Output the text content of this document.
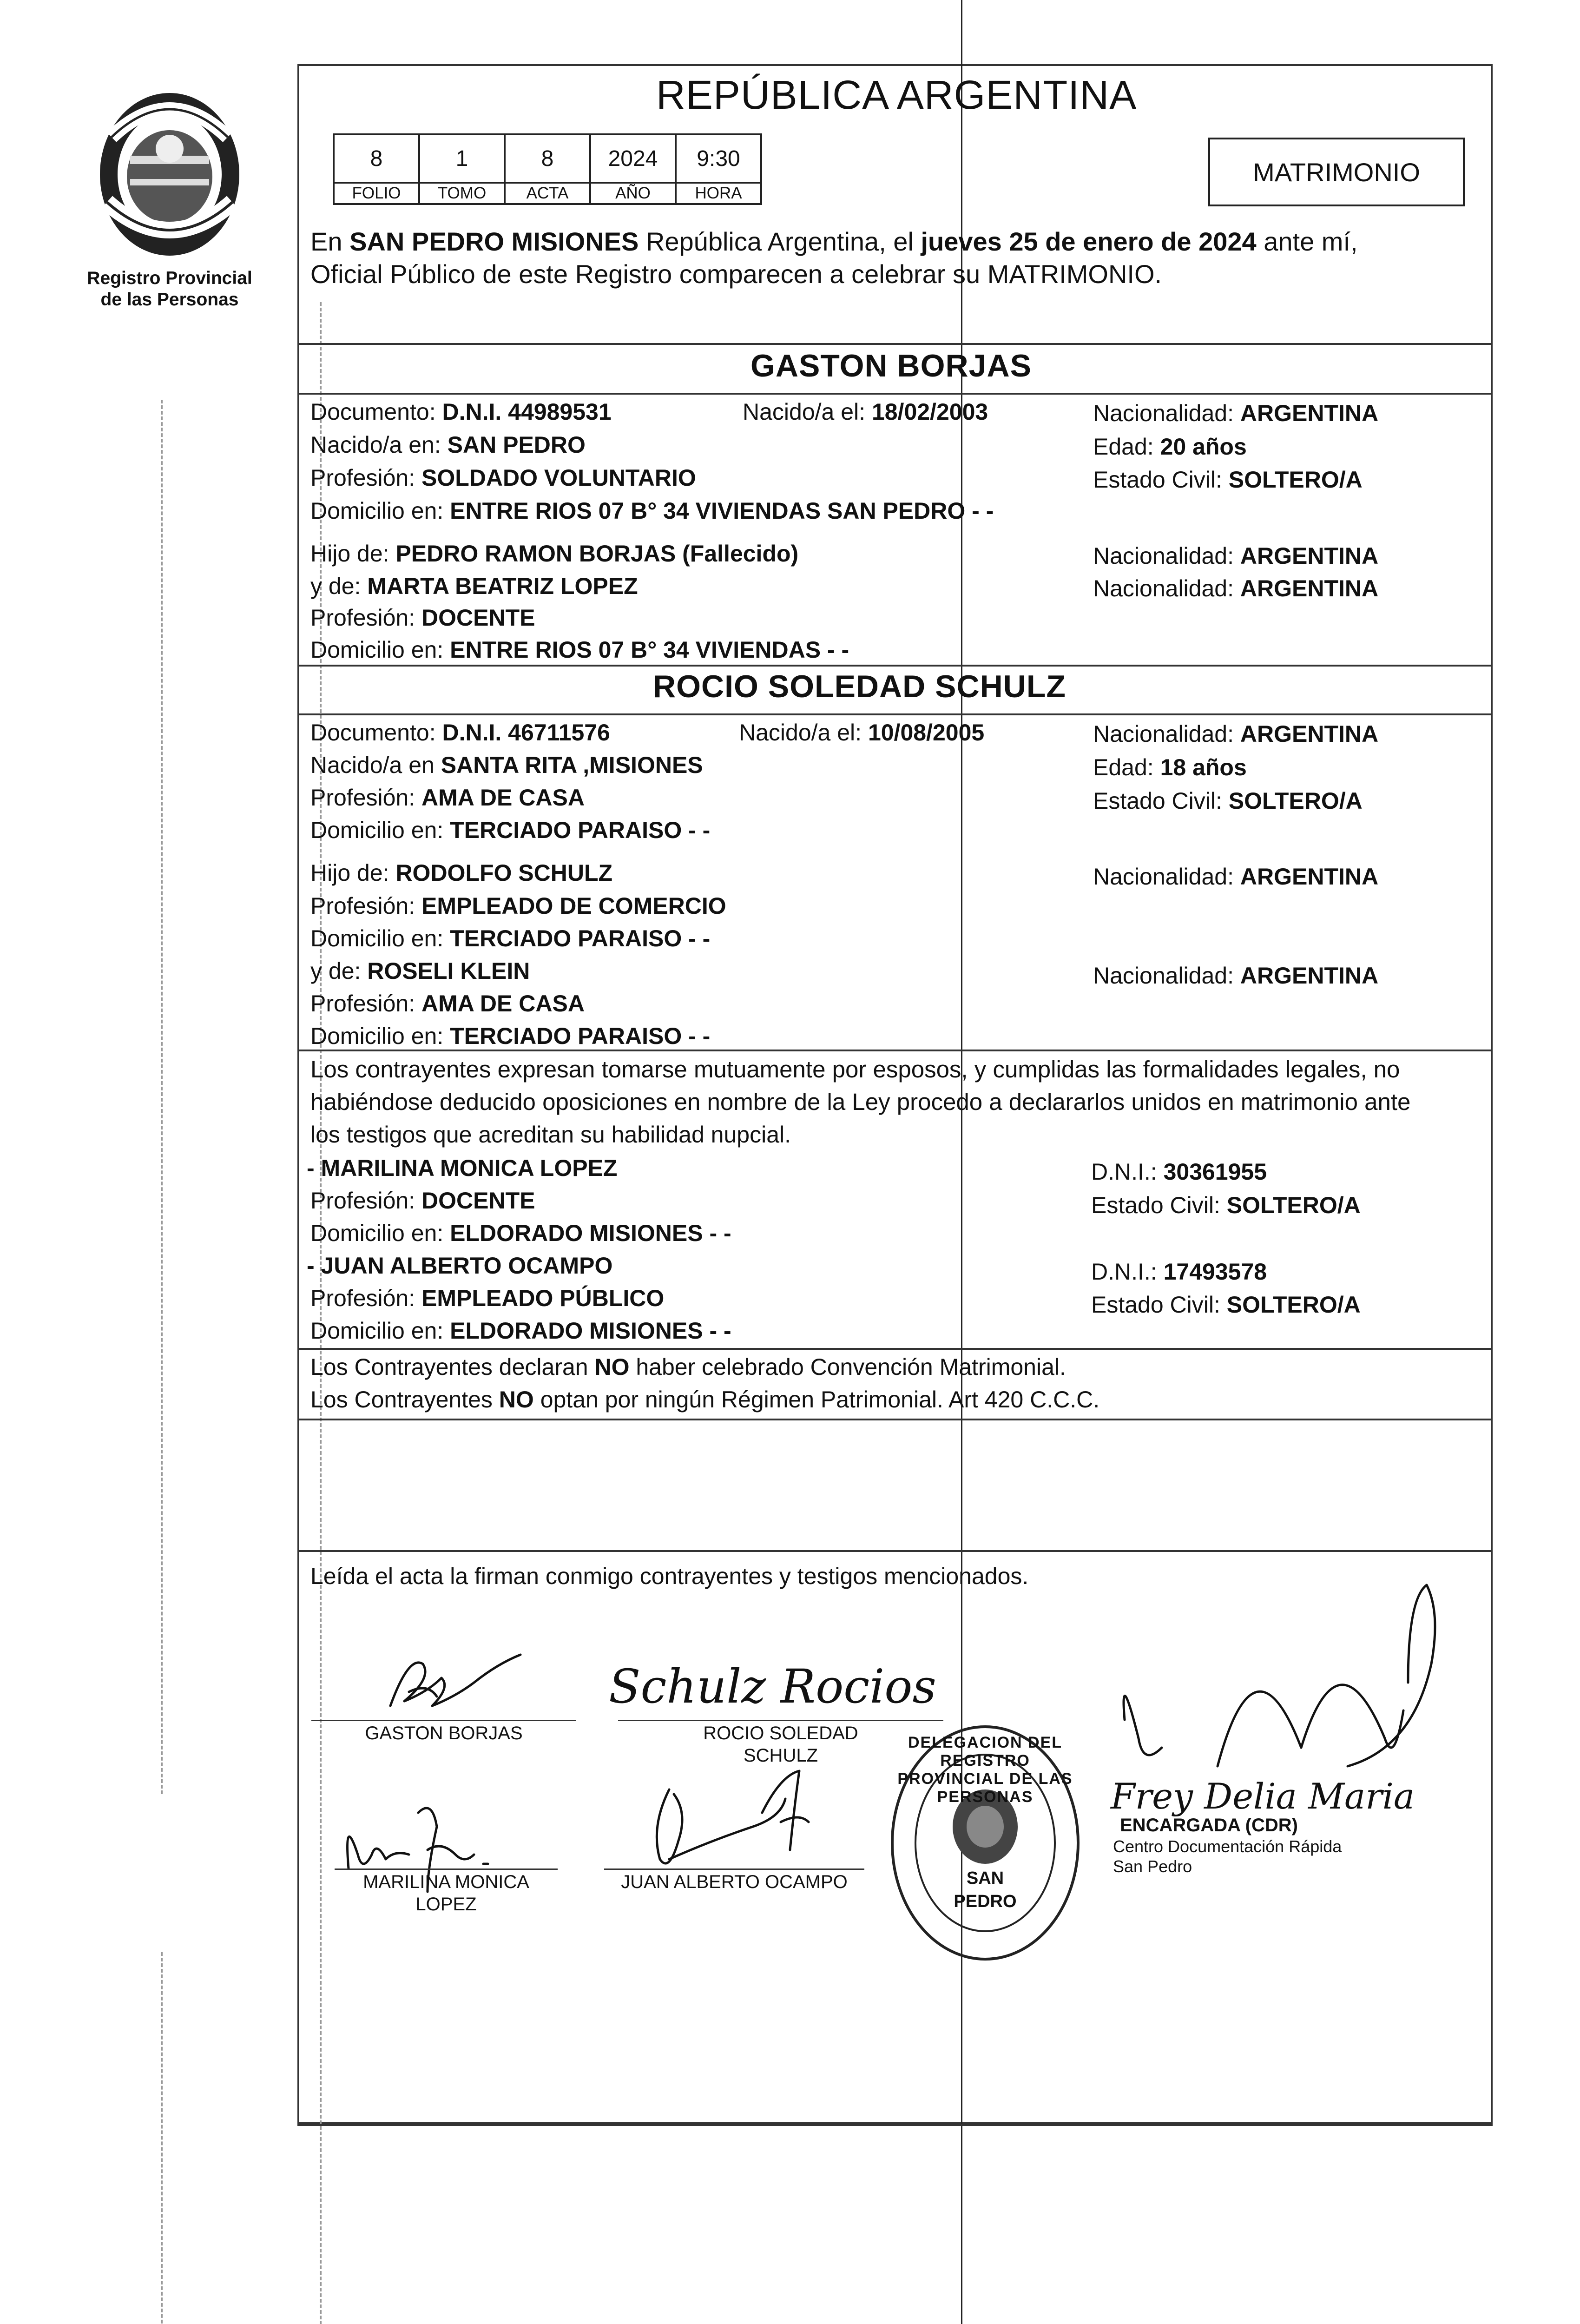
Registro Provincial
de las Personas
REPÚBLICA ARGENTINA
8	1	8	2024	9:30
FOLIO	TOMO	ACTA	AÑO	HORA
MATRIMONIO
En SAN PEDRO MISIONES República Argentina, el jueves 25 de enero de 2024 ante mí,
Oficial Público de este Registro comparecen a celebrar su MATRIMONIO.
GASTON BORJAS
Documento: D.N.I. 44989531	Nacido/a el: 18/02/2003	Nacionalidad: ARGENTINA
Nacido/a en: SAN PEDRO	Edad: 20 años
Profesión: SOLDADO VOLUNTARIO	Estado Civil: SOLTERO/A
Domicilio en: ENTRE RIOS 07 B° 34 VIVIENDAS SAN PEDRO - -
Hijo de: PEDRO RAMON BORJAS (Fallecido)	Nacionalidad: ARGENTINA
y de: MARTA BEATRIZ LOPEZ	Nacionalidad: ARGENTINA
Profesión: DOCENTE
Domicilio en: ENTRE RIOS 07 B° 34 VIVIENDAS - -
ROCIO SOLEDAD SCHULZ
Documento: D.N.I. 46711576	Nacido/a el: 10/08/2005	Nacionalidad: ARGENTINA
Nacido/a en SANTA RITA ,MISIONES	Edad: 18 años
Profesión: AMA DE CASA	Estado Civil: SOLTERO/A
Domicilio en: TERCIADO PARAISO - -
Hijo de: RODOLFO SCHULZ	Nacionalidad: ARGENTINA
Profesión: EMPLEADO DE COMERCIO
Domicilio en: TERCIADO PARAISO - -
y de: ROSELI KLEIN	Nacionalidad: ARGENTINA
Profesión: AMA DE CASA
Domicilio en: TERCIADO PARAISO - -
Los contrayentes expresan tomarse mutuamente por esposos, y cumplidas las formalidades legales, no
habiéndose deducido oposiciones en nombre de la Ley procedo a declararlos unidos en matrimonio ante
los testigos que acreditan su habilidad nupcial.
- MARILINA MONICA LOPEZ	D.N.I.: 30361955
Profesión: DOCENTE	Estado Civil: SOLTERO/A
Domicilio en: ELDORADO MISIONES - -
- JUAN ALBERTO OCAMPO	D.N.I.: 17493578
Profesión: EMPLEADO PÚBLICO	Estado Civil: SOLTERO/A
Domicilio en: ELDORADO MISIONES - -
Los Contrayentes declaran NO haber celebrado Convención Matrimonial.
Los Contrayentes NO optan por ningún Régimen Patrimonial. Art 420 C.C.C.
Leída el acta la firman conmigo contrayentes y testigos mencionados.
GASTON BORJAS
Schulz Rocios
ROCIO SOLEDAD
SCHULZ
MARILINA MONICA
LOPEZ
JUAN ALBERTO OCAMPO
DELEGACION DEL REGISTRO PROVINCIAL DE LAS PERSONAS
SAN
PEDRO
Frey Delia Maria
ENCARGADA (CDR)
Centro Documentación Rápida
San Pedro
